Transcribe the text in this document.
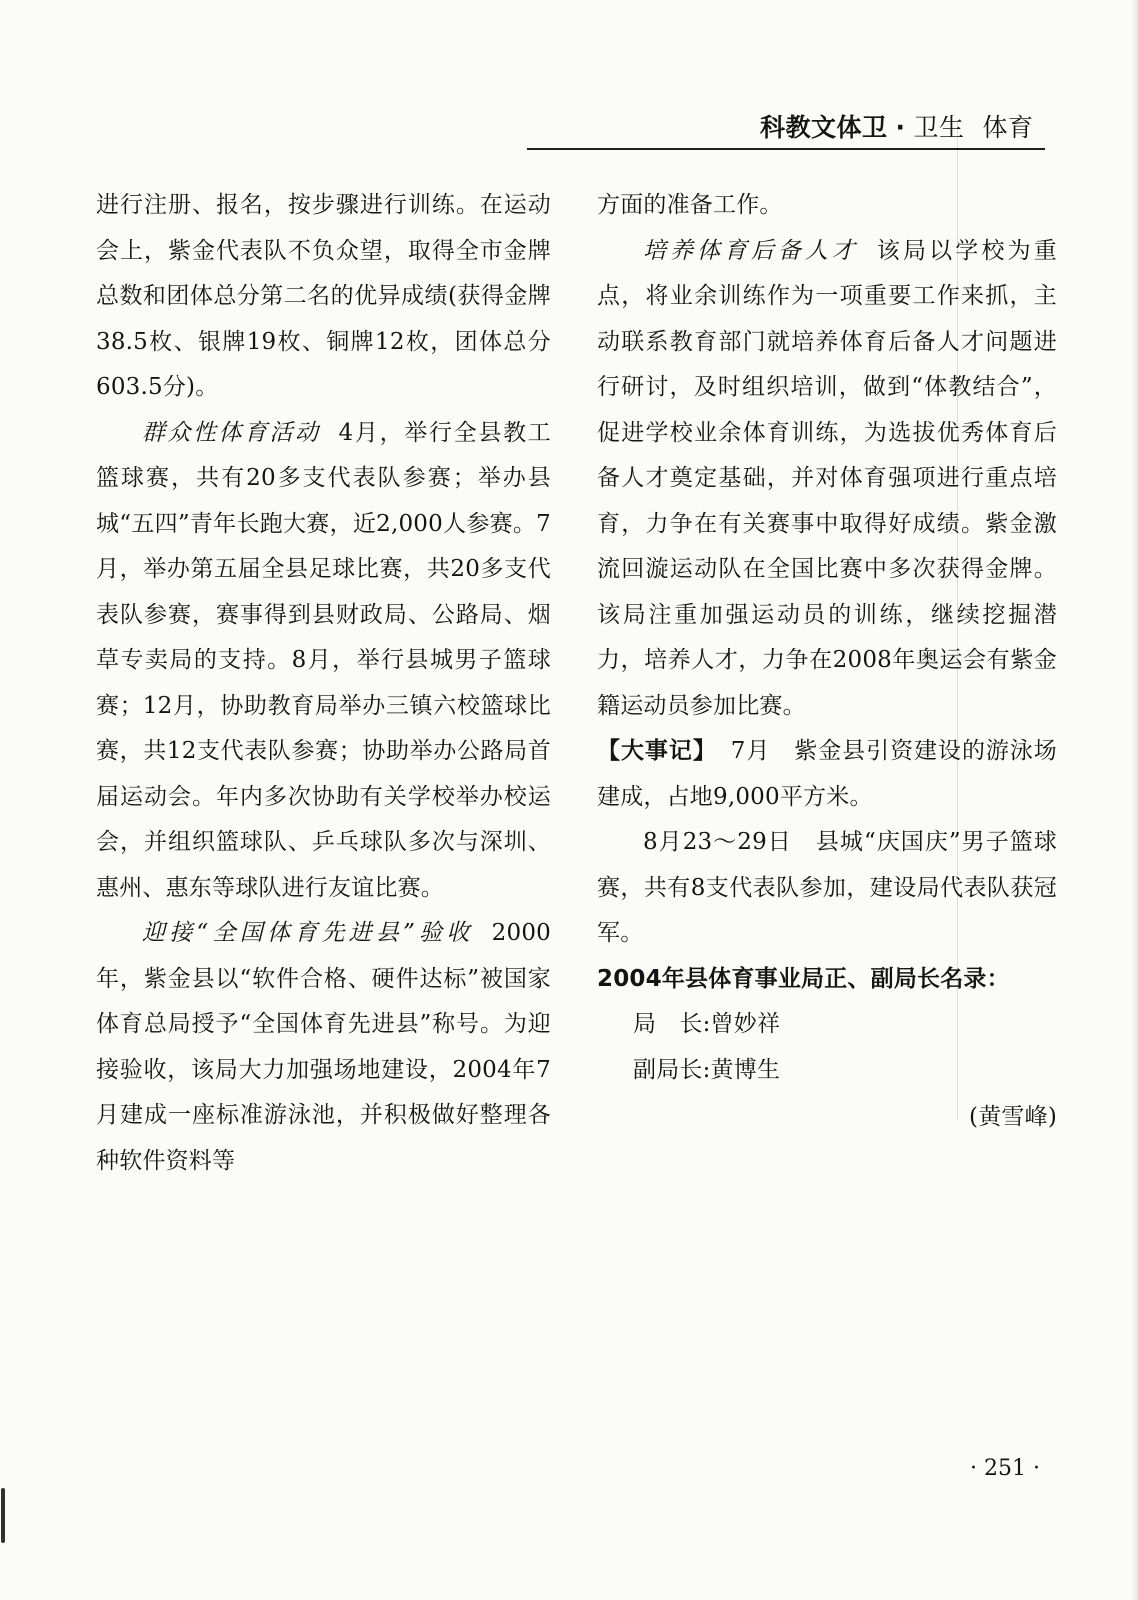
科教文体卫 · 卫生 体育

进行注册、报名，按步骤进行训练。在运动会上，紫金代表队不负众望，取得全市金牌总数和团体总分第二名的优异成绩(获得金牌38.5枚、银牌19枚、铜牌12枚，团体总分603.5分)。

群众性体育活动 4月，举行全县教工篮球赛，共有20多支代表队参赛；举办县城“五四”青年长跑大赛，近2,000人参赛。7月，举办第五届全县足球比赛，共20多支代表队参赛，赛事得到县财政局、公路局、烟草专卖局的支持。8月，举行县城男子篮球赛；12月，协助教育局举办三镇六校篮球比赛，共12支代表队参赛；协助举办公路局首届运动会。年内多次协助有关学校举办校运会，并组织篮球队、乒乓球队多次与深圳、惠州、惠东等球队进行友谊比赛。

迎接“全国体育先进县”验收 2000年，紫金县以“软件合格、硬件达标”被国家体育总局授予“全国体育先进县”称号。为迎接验收，该局大力加强场地建设，2004年7月建成一座标准游泳池，并积极做好整理各种软件资料等

方面的准备工作。

培养体育后备人才 该局以学校为重点，将业余训练作为一项重要工作来抓，主动联系教育部门就培养体育后备人才问题进行研讨，及时组织培训，做到“体教结合”，促进学校业余体育训练，为选拔优秀体育后备人才奠定基础，并对体育强项进行重点培育，力争在有关赛事中取得好成绩。紫金激流回漩运动队在全国比赛中多次获得金牌。该局注重加强运动员的训练，继续挖掘潜力，培养人才，力争在2008年奥运会有紫金籍运动员参加比赛。

【大事记】 7月　紫金县引资建设的游泳场建成，占地9,000平方米。

8月23～29日　县城“庆国庆”男子篮球赛，共有8支代表队参加，建设局代表队获冠军。

2004年县体育事业局正、副局长名录：

局　长:曾妙祥

副局长:黄博生

(黄雪峰)

· 251 ·
